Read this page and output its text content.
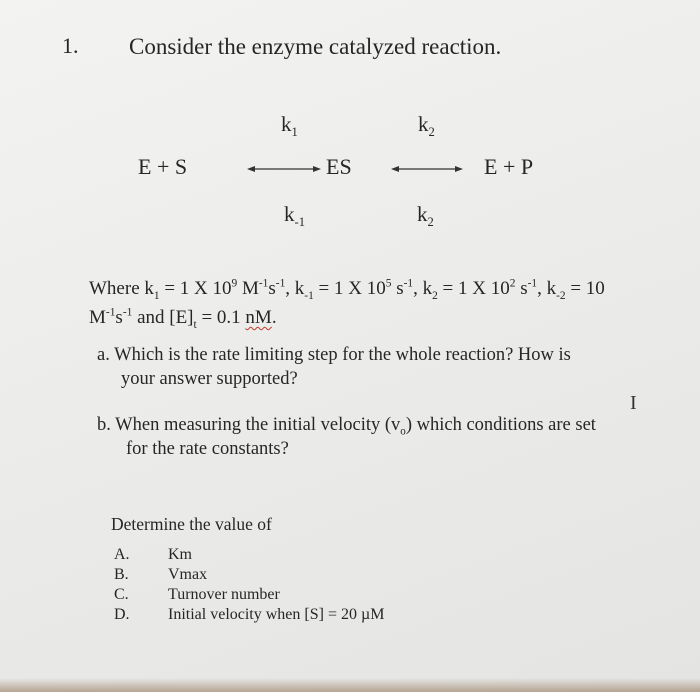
1. Consider the enzyme catalyzed reaction.
$k_1$	$k_2$
E + S	ES	E + P
$k_{-1}$	$k_2$
Where $k_1 = 1$ X $10^9$ $M^{-1}s^{-1}$, $k_{-1} = 1$ X $10^5$ $s^{-1}$, $k_2 = 1$ X $10^2$ $s^{-1}$, $k_{-2} = 10$
$M^{-1}s^{-1}$ and $[E]_t = 0.1$ nM.
a. Which is the rate limiting step for the whole reaction? How is
your answer supported?
I
b. When measuring the initial velocity $(v_o)$ which conditions are set
for the rate constants?
Determine the value of
A. Km
B. Vmax
C. Turnover number
D. Initial velocity when [S] = 20 µM
